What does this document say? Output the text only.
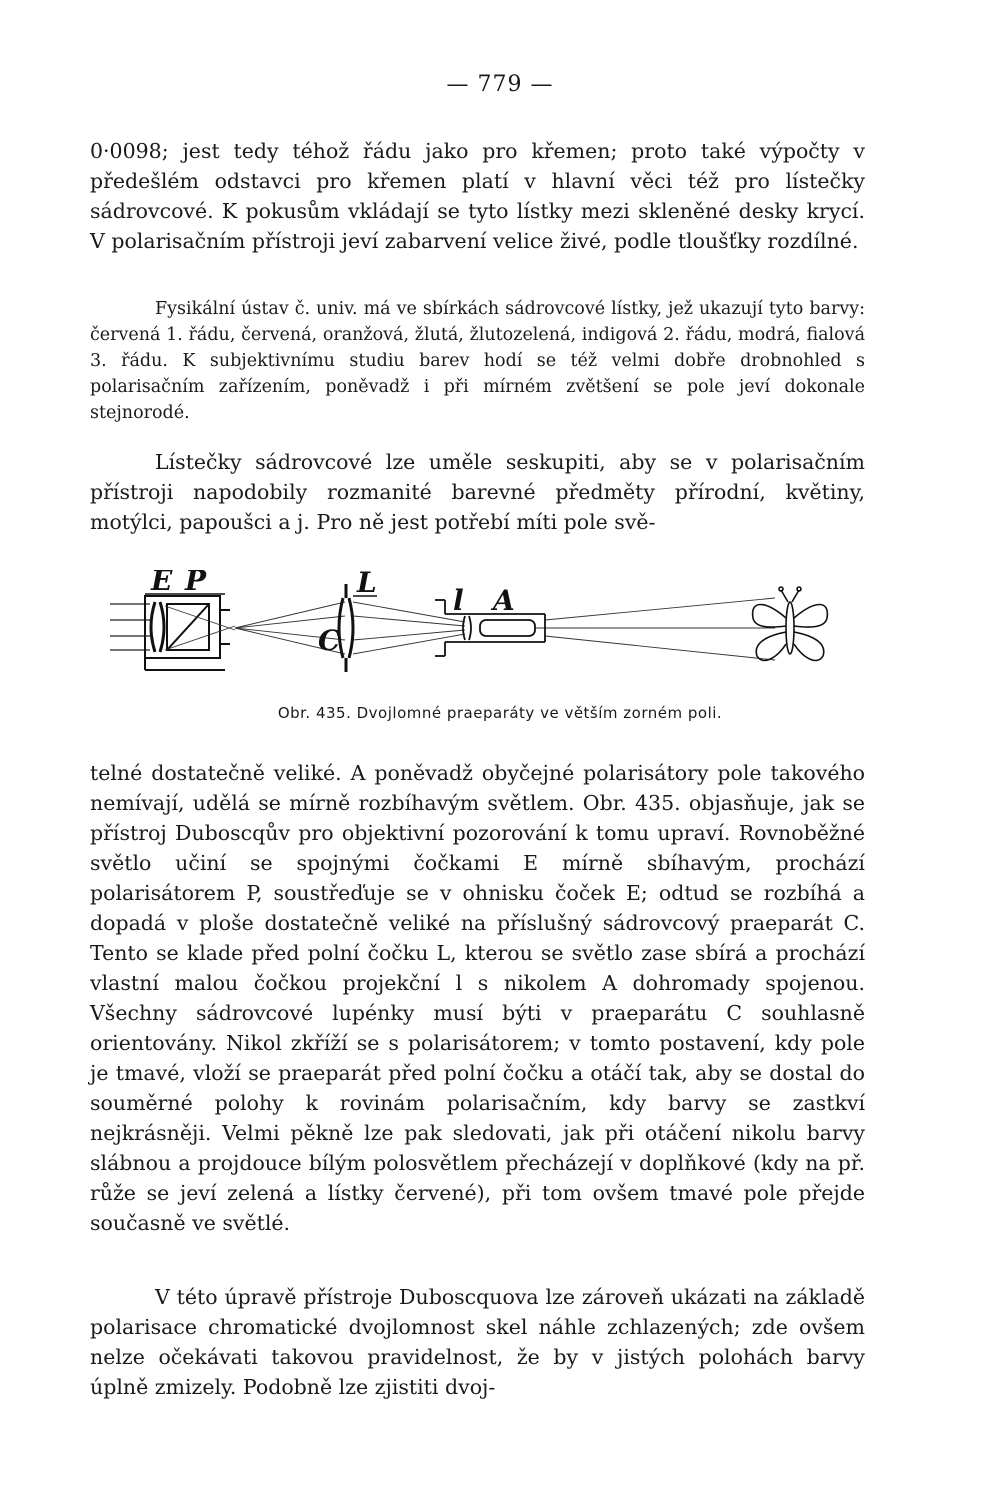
— 779 —

0·0098; jest tedy téhož řádu jako pro křemen; proto také výpočty v předešlém odstavci pro křemen platí v hlavní věci též pro lístečky sádrovcové. K pokusům vkládají se tyto lístky mezi skleněné desky krycí. V polarisačním přístroji jeví zabarvení velice živé, podle tloušťky rozdílné.

Fysikální ústav č. univ. má ve sbírkách sádrovcové lístky, jež ukazují tyto barvy: červená 1. řádu, červená, oranžová, žlutá, žlutozelená, indigová 2. řádu, modrá, fialová 3. řádu. K subjektivnímu studiu barev hodí se též velmi dobře drobnohled s polarisačním zařízením, poněvadž i při mírném zvětšení se pole jeví dokonale stejnorodé.

Lístečky sádrovcové lze uměle seskupiti, aby se v polarisačním přístroji napodobily rozmanité barevné předměty přírodní, květiny, motýlci, papoušci a j. Pro ně jest potřebí míti pole svě-

E P	L
C
l A
Obr. 435. Dvojlomné praeparáty ve větším zorném poli.

telné dostatečně veliké. A poněvadž obyčejné polarisátory pole takového nemívají, udělá se mírně rozbíhavým světlem. Obr. 435. objasňuje, jak se přístroj Duboscqův pro objektivní pozorování k tomu upraví. Rovnoběžné světlo učiní se spojnými čočkami E mírně sbíhavým, prochází polarisátorem P, soustřeďuje se v ohnisku čoček E; odtud se rozbíhá a dopadá v ploše dostatečně veliké na příslušný sádrovcový praeparát C. Tento se klade před polní čočku L, kterou se světlo zase sbírá a prochází vlastní malou čočkou projekční l s nikolem A dohromady spojenou. Všechny sádrovcové lupénky musí býti v praeparátu C souhlasně orientovány. Nikol zkříží se s polarisátorem; v tomto postavení, kdy pole je tmavé, vloží se praeparát před polní čočku a otáčí tak, aby se dostal do souměrné polohy k rovinám polarisačním, kdy barvy se zastkví nejkrásněji. Velmi pěkně lze pak sledovati, jak při otáčení nikolu barvy slábnou a projdouce bílým polosvětlem přecházejí v doplňkové (kdy na př. růže se jeví zelená a lístky červené), při tom ovšem tmavé pole přejde současně ve světlé.

V této úpravě přístroje Duboscquova lze zároveň ukázati na základě polarisace chromatické dvojlomnost skel náhle zchlazených; zde ovšem nelze očekávati takovou pravidelnost, že by v jistých polohách barvy úplně zmizely. Podobně lze zjistiti dvoj-
